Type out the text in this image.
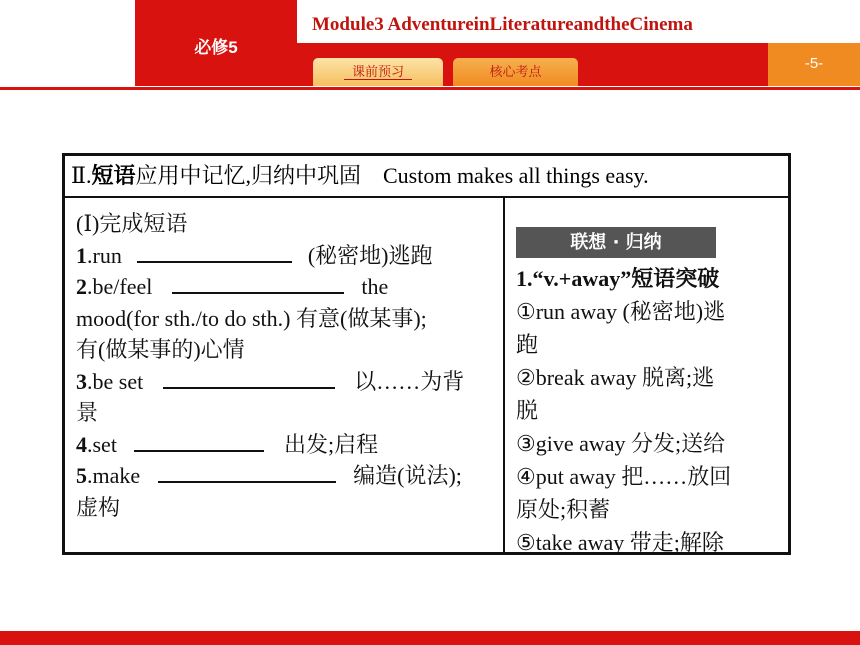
必修5
Module3 AdventureinLiteratureandtheCinema
课前预习	核心考点	-5-
Ⅱ.短语应用中记忆,归纳中巩固 Custom makes all things easy.
(Ⅰ)完成短语
1.run	(秘密地)逃跑
2.be/feel	the
mood(for sth./to do sth.) 有意(做某事);
有(做某事的)心情
3.be set	以……为背
景
4.set	出发;启程
5.make	编造(说法);
虚构
联想 · 归纳
1.“v.+away”短语突破
①run away (秘密地)逃
跑
②break away 脱离;逃
脱
③give away 分发;送给
④put away 把……放回
原处;积蓄
⑤take away 带走;解除
